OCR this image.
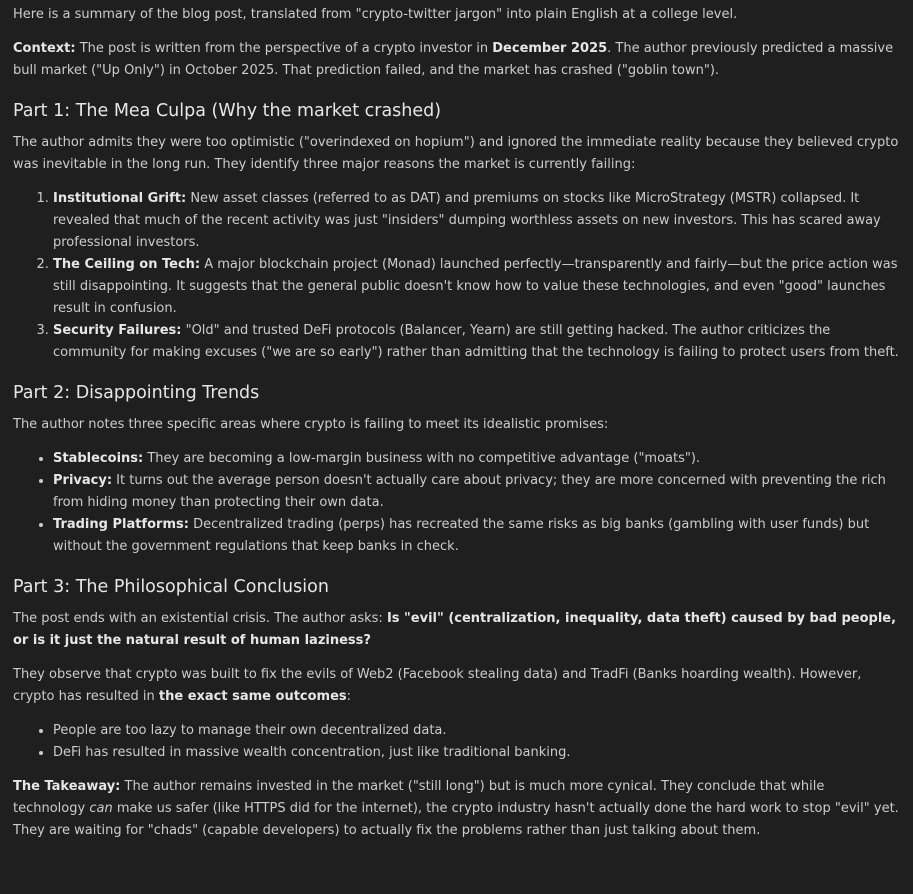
Here is a summary of the blog post, translated from "crypto-twitter jargon" into plain English at a college level.

Context: The post is written from the perspective of a crypto investor in December 2025. The author previously predicted a massive bull market ("Up Only") in October 2025. That prediction failed, and the market has crashed ("goblin town").

Part 1: The Mea Culpa (Why the market crashed)

The author admits they were too optimistic ("overindexed on hopium") and ignored the immediate reality because they believed crypto was inevitable in the long run. They identify three major reasons the market is currently failing:

1. Institutional Grift: New asset classes (referred to as DAT) and premiums on stocks like MicroStrategy (MSTR) collapsed. It revealed that much of the recent activity was just "insiders" dumping worthless assets on new investors. This has scared away professional investors.
2. The Ceiling on Tech: A major blockchain project (Monad) launched perfectly—transparently and fairly—but the price action was still disappointing. It suggests that the general public doesn't know how to value these technologies, and even "good" launches result in confusion.
3. Security Failures: "Old" and trusted DeFi protocols (Balancer, Yearn) are still getting hacked. The author criticizes the community for making excuses ("we are so early") rather than admitting that the technology is failing to protect users from theft.
Part 2: Disappointing Trends

The author notes three specific areas where crypto is failing to meet its idealistic promises:

• Stablecoins: They are becoming a low-margin business with no competitive advantage ("moats").
• Privacy: It turns out the average person doesn't actually care about privacy; they are more concerned with preventing the rich from hiding money than protecting their own data.
• Trading Platforms: Decentralized trading (perps) has recreated the same risks as big banks (gambling with user funds) but without the government regulations that keep banks in check.
Part 3: The Philosophical Conclusion

The post ends with an existential crisis. The author asks: Is "evil" (centralization, inequality, data theft) caused by bad people, or is it just the natural result of human laziness?

They observe that crypto was built to fix the evils of Web2 (Facebook stealing data) and TradFi (Banks hoarding wealth). However, crypto has resulted in the exact same outcomes:

• People are too lazy to manage their own decentralized data.
• DeFi has resulted in massive wealth concentration, just like traditional banking.

The Takeaway: The author remains invested in the market ("still long") but is much more cynical. They conclude that while technology can make us safer (like HTTPS did for the internet), the crypto industry hasn't actually done the hard work to stop "evil" yet. They are waiting for "chads" (capable developers) to actually fix the problems rather than just talking about them.
